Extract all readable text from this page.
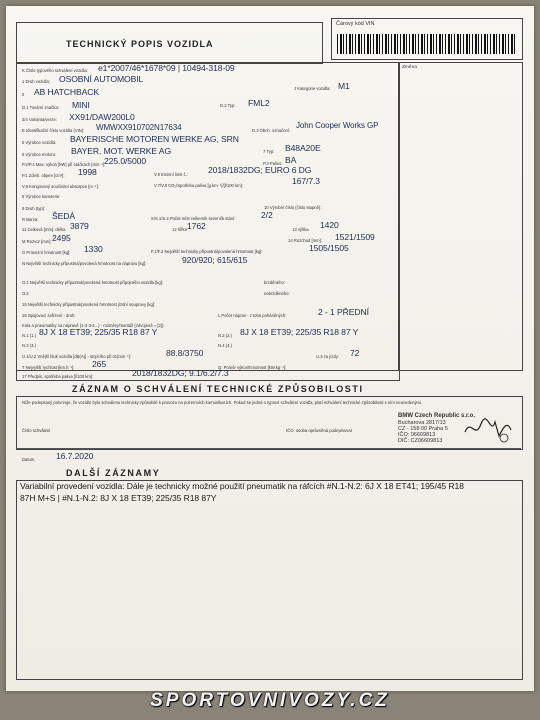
TECHNICKÝ POPIS VOZIDLA
Čárový kód VIN
Změna
K Číslo typového schválení vozidla: e1*2007/46*1678*09 | 10494-318-09
1 Druh vozidla: OSOBNÍ AUTOMOBIL
J Kategorie vozidla: M1
2 AB HATCHBACK
D.1 Tovární značka: MINI	D.2 Typ: FML2
3/4 Varianta/verze: XX91/DAW200L0
E Identifikační číslo vozidla (VIN): WMWXX910702N17634	D.3 Obch. označení:
John Cooper Works GP
5 Výrobce vozidla: BAYERISCHE MOTOREN WERKE AG, SRN
6 Výrobce motoru: BAYER. MOT. WERKE AG	7 Typ: B48A20E
P.2/P.4 Max. výkon [kW] při otáčkách [min⁻¹]:
225.0/5000	P.3 Palivo: BA
P.1 Zdvih. objem [cm³]: 1998	V.9 Emisní limit č.: 2018/1832DG; EURO 6 DG
V.8 Korigovaný součinitel absorpce [m⁻¹]:	V.7/V.8 CO₂/Spotřeba paliva [g.km⁻¹]/[l/100 km]:	167/7.3
8 Výrobce karoserie:
9 Druh (typ):	10 Výrobní číslo (číslo stupně):
R Barva: ŠEDÁ	S/S.1/S.2 Počet míst celkem/k sezení/k stání:	2/2
11 Celková [mm]: délka 3879	12 šířka 1762	13 výška 1420
M Rozvor [mm]: 2495	14 Rozchod [mm]: 1521/1509
G Provozní hmotnost [kg]: 1330	F.1/F.2 Největší technicky přípustná/povolená hmotnost [kg]:	1505/1505
N Největší technicky přípustná/povolená hmotnost na nápravu [kg]:	920/920; 615/615
O.1 Největší technicky přípustná/povolená hmotnost přípojného vozidla [kg]:	brzděného:
O.2	nebrzděného:
15 Největší technicky přípustná/povolená hmotnost jízdní soupravy [kg]:
16 Spojovací zařízení - druh:	L Počet náprav - z toho poháněných:	2 - 1 PŘEDNÍ
Kola a pneumatiky na nápravě (1-2-3-4...) - rozměry/montáž (zdvojená = [2]):
N.1 (1.) 8J X 18 ET39; 225/35 R18 87 Y	N.2 (2.) 8J X 18 ET39; 225/35 R18 87 Y
N.3 (3.)	N.4 (4.)
U.1/U.2 Vnější hluk vozidla [dB(A)] - stojícího při ot.[min⁻¹]:	88.8/3750	U.3 za jízdy: 72
T Nejvyšší rychlost [km.h⁻¹]: 265	Q. Poměr výkon/hmotnost [kW.kg⁻¹]:
17 Předpis, spotřeba paliva [l/100 km]:	2018/1832DG; 9.1/6.2/7.3
ZÁZNAM O SCHVÁLENÍ TECHNICKÉ ZPŮSOBILOSTI
Níže podepsaný potvrzuje, že vozidlo bylo schváleno technicky způsobilé k provozu na pozemních komunikacích. Pokud se jedná o typové schválení vozidla, platí schválení technické způsobilosti s ním neuvedenými.
Číslo schválení	IČO: osoba oprávněná podepisovat
BMW Czech Republic s.r.o.
Bucharova 2817/13
CZ - 158 00 Praha 5
IČO: 06609813
DIČ: CZ06609813
Datum	16.7.2020
DALŠÍ ZÁZNAMY
Variabilní provedení vozidla: Dále je technicky možné použití pneumatik na ráfcích #N.1-N.2: 6J X 18 ET41; 195/45 R18
87H M+S | #N.1-N.2: 8J X 18 ET39; 225/35 R18 87Y
SPORTOVNIVOZY.CZ
